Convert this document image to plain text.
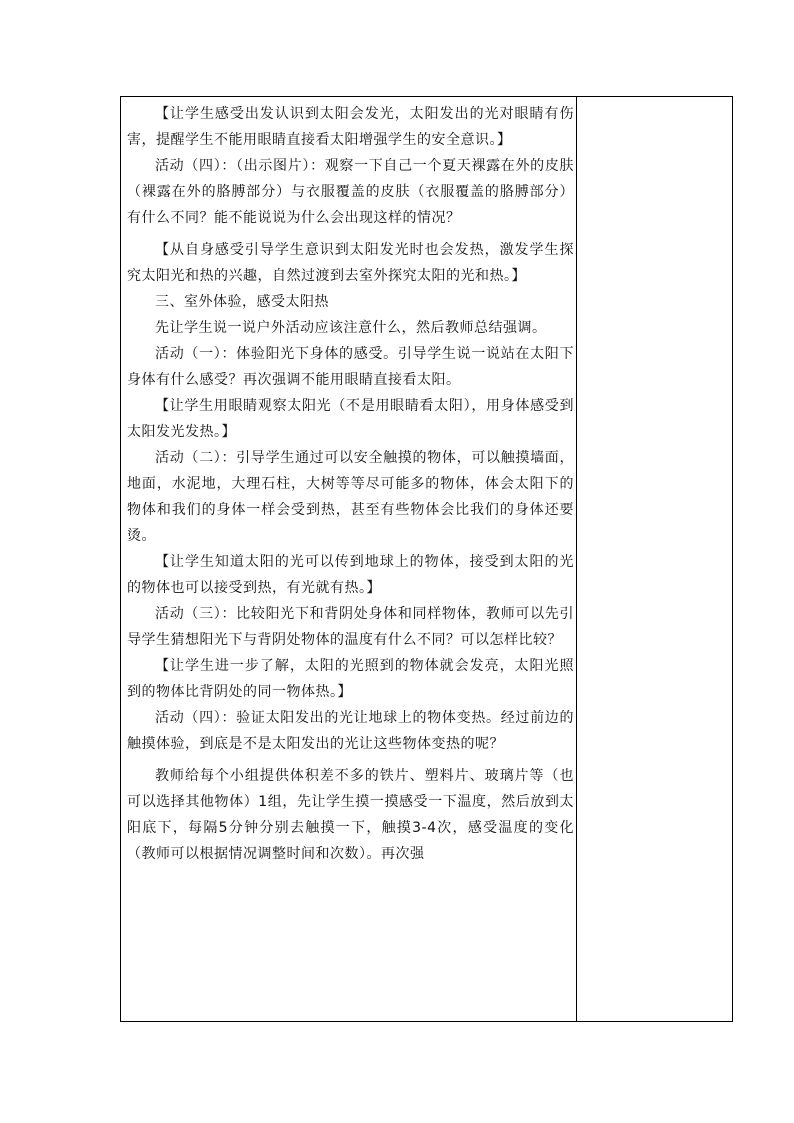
【让学生感受出发认识到太阳会发光，太阳发出的光对眼睛有伤害，提醒学生不能用眼睛直接看太阳增强学生的安全意识。】

活动（四）：（出示图片）：观察一下自己一个夏天裸露在外的皮肤（裸露在外的胳膊部分）与衣服覆盖的皮肤（衣服覆盖的胳膊部分）有什么不同？能不能说说为什么会出现这样的情况？

【从自身感受引导学生意识到太阳发光时也会发热，激发学生探究太阳光和热的兴趣，自然过渡到去室外探究太阳的光和热。】

三、室外体验，感受太阳热

先让学生说一说户外活动应该注意什么，然后教师总结强调。

活动（一）：体验阳光下身体的感受。引导学生说一说站在太阳下身体有什么感受？再次强调不能用眼睛直接看太阳。

【让学生用眼睛观察太阳光（不是用眼睛看太阳），用身体感受到太阳发光发热。】

活动（二）：引导学生通过可以安全触摸的物体，可以触摸墙面，地面，水泥地，大理石柱，大树等等尽可能多的物体，体会太阳下的物体和我们的身体一样会受到热，甚至有些物体会比我们的身体还要烫。

【让学生知道太阳的光可以传到地球上的物体，接受到太阳的光的物体也可以接受到热，有光就有热。】

活动（三）：比较阳光下和背阴处身体和同样物体，教师可以先引导学生猜想阳光下与背阴处物体的温度有什么不同？可以怎样比较？

【让学生进一步了解，太阳的光照到的物体就会发亮，太阳光照到的物体比背阴处的同一物体热。】

活动（四）：验证太阳发出的光让地球上的物体变热。经过前边的触摸体验，到底是不是太阳发出的光让这些物体变热的呢？

教师给每个小组提供体积差不多的铁片、塑料片、玻璃片等（也可以选择其他物体）1组，先让学生摸一摸感受一下温度，然后放到太阳底下，每隔5分钟分别去触摸一下，触摸3-4次，感受温度的变化（教师可以根据情况调整时间和次数）。再次强
